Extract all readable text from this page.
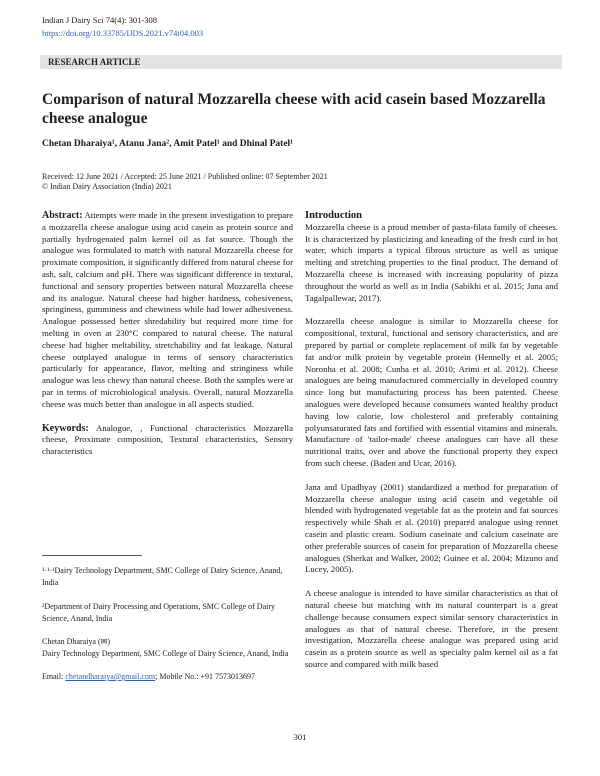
Indian J Dairy Sci 74(4): 301-308
https://doi.org/10.33785/IJDS.2021.v74i04.003
RESEARCH ARTICLE
Comparison of natural Mozzarella cheese with acid casein based Mozzarella cheese analogue
Chetan Dharaiya¹, Atanu Jana², Amit Patel¹ and Dhinal Patel¹
Received: 12 June 2021 / Accepted: 25 June 2021 / Published online: 07 September 2021
© Indian Dairy Association (India) 2021

Abstract: Attempts were made in the present investigation to prepare a mozzarella cheese analogue using acid casein as protein source and partially hydrogenated palm kernel oil as fat source. Though the analogue was formulated to match with natural Mozzarella cheese for proximate composition, it significantly differed from natural cheese for ash, salt, calcium and pH. There was significant difference in textural, functional and sensory properties between natural Mozzarella cheese and its analogue. Natural cheese had higher hardness, cohesiveness, springiness, gumminess and chewiness while had lower adhesiveness. Analogue possessed better shredability but required more time for melting in oven at 230°C compared to natural cheese. The natural cheese had higher meltability, stretchability and fat leakage. Natural cheese outplayed analogue in terms of sensory characteristics particularly for appearance, flavor, melting and stringiness while analogue was less chewy than natural cheese. Both the samples were at par in terms of microbiological analysis. Overall, natural Mozzarella cheese was much better than analogue in all aspects studied.

Keywords: Analogue, , Functional characteristics Mozzarella cheese, Proximate composition, Textural characteristics, Sensory characteristics

¹·¹·¹Dairy Technology Department, SMC College of Dairy Science, Anand, India
²Department of Dairy Processing and Operations, SMC College of Dairy Science, Anand, India
Chetan Dharaiya (✉)
Dairy Technology Department, SMC College of Dairy Science, Anand, India
Email: chetandharaiya@gmail.com; Mobile No.: +91 7573013697

Introduction

Mozzarella cheese is a proud member of pasta-filata family of cheeses. It is characterized by plasticizing and kneading of the fresh curd in hot water, which imparts a typical fibrous structure as well as unique melting and stretching properties to the final product. The demand of Mozzarella cheese is increased with increasing popularity of pizza throughout the world as well as in India (Sabikhi et al. 2015; Jana and Tagalpallewar, 2017).

Mozzarella cheese analogue is similar to Mozzarella cheese for compositional, textural, functional and sensory characteristics, and are prepared by partial or complete replacement of milk fat by vegetable fat and/or milk protein by vegetable protein (Hennelly et al. 2005; Noronha et al. 2008; Cunha et al. 2010; Arimi et al. 2012). Cheese analogues are being manufactured commercially in developed country since long but manufacturing process has been patented. Cheese analogues were developed because consumers wanted healthy product having low calorie, low cholesterol and preferably containing polyunsaturated fats and fortified with essential vitamins and minerals. Manufacture of 'tailor-made' cheese analogues can have all these nutritional traits, over and above the functional property they expect from such cheese. (Baden and Ucar, 2016).

Jana and Upadhyay (2001) standardized a method for preparation of Mozzarella cheese analogue using acid casein and vegetable oil blended with hydrogenated vegetable fat as the protein and fat sources respectively while Shah et al. (2010) prepared analogue using rennet casein and plastic cream. Sodium caseinate and calcium caseinate are other preferable sources of casein for preparation of Mozzarella cheese analogues (Sherkat and Walker, 2002; Guinee et al. 2004; Mizuno and Lucey, 2005).

A cheese analogue is intended to have similar characteristics as that of natural cheese but matching with its natural counterpart is a great challenge because consumers expect similar sensory characteristics in analogues as that of natural cheese. Therefore, in the present investigation, Mozzarella cheese analogue was prepared using acid casein as a protein source as well as specialty palm kernel oil as a fat source and compared with milk based

301
